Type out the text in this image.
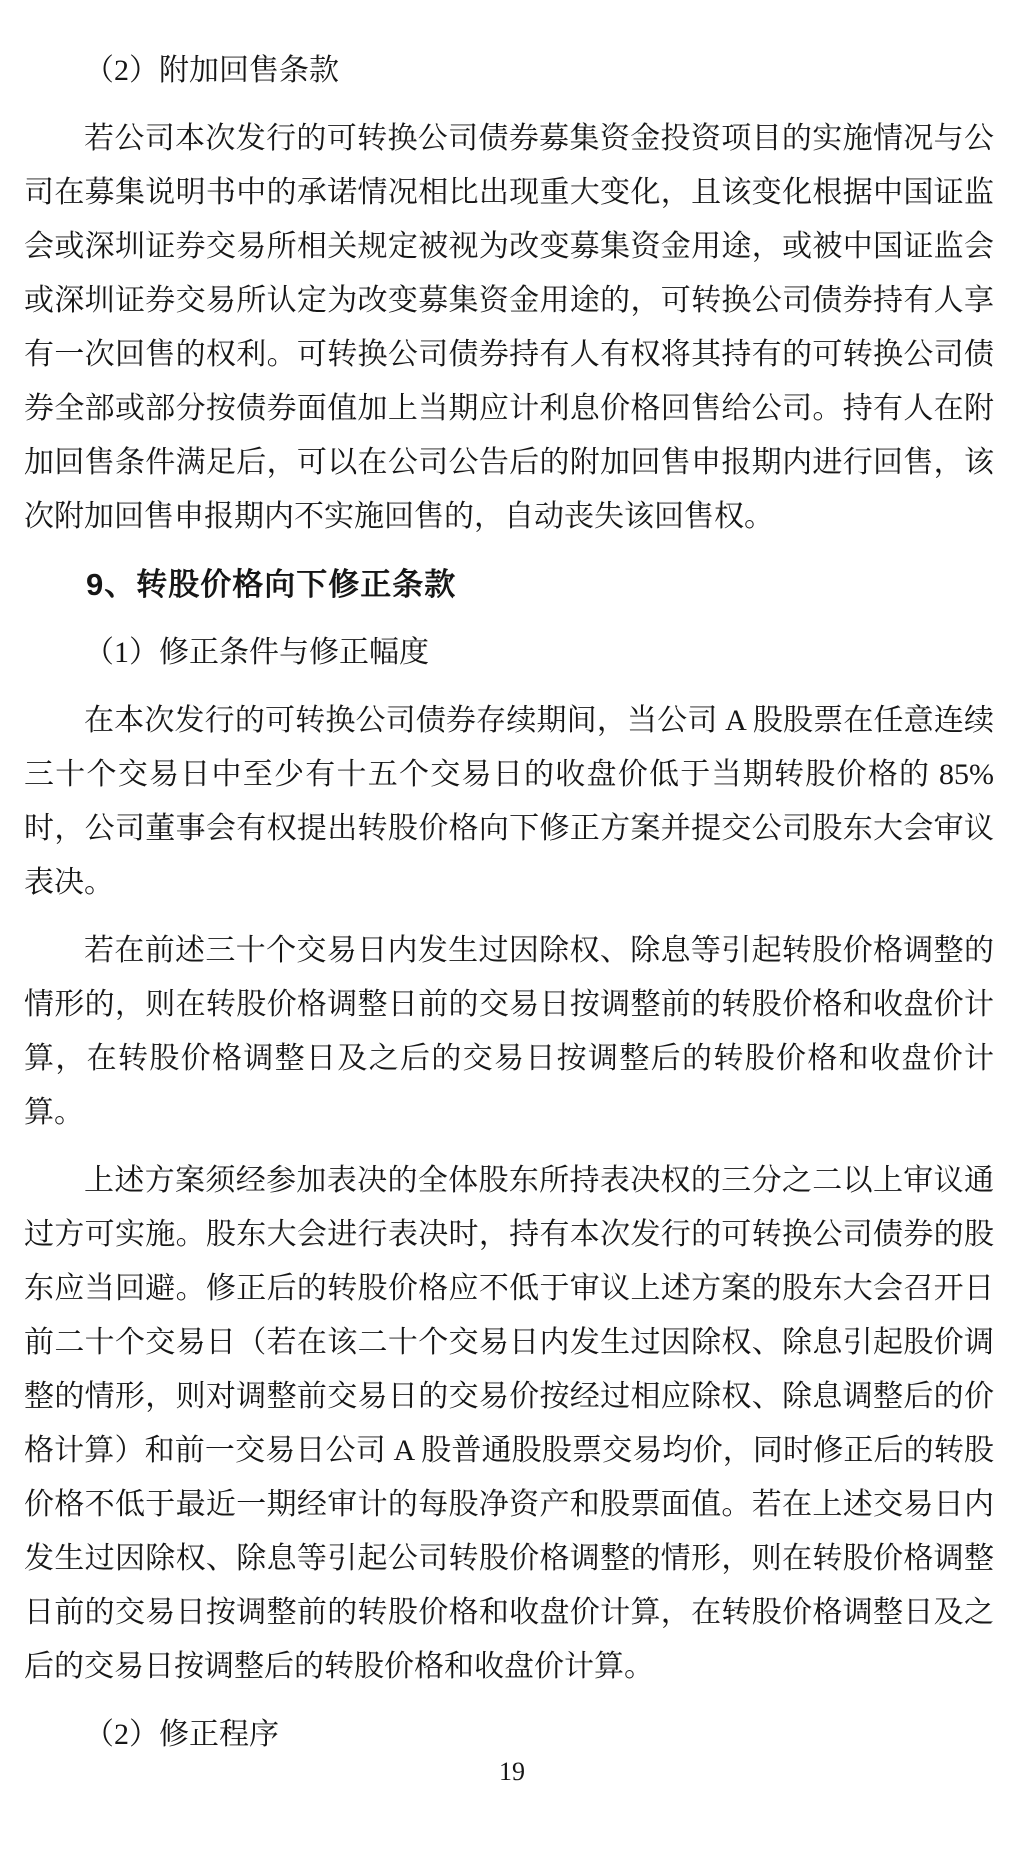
（2）附加回售条款

若公司本次发行的可转换公司债券募集资金投资项目的实施情况与公司在募集说明书中的承诺情况相比出现重大变化，且该变化根据中国证监会或深圳证券交易所相关规定被视为改变募集资金用途，或被中国证监会或深圳证券交易所认定为改变募集资金用途的，可转换公司债券持有人享有一次回售的权利。可转换公司债券持有人有权将其持有的可转换公司债券全部或部分按债券面值加上当期应计利息价格回售给公司。持有人在附加回售条件满足后，可以在公司公告后的附加回售申报期内进行回售，该次附加回售申报期内不实施回售的，自动丧失该回售权。

9、转股价格向下修正条款
（1）修正条件与修正幅度

在本次发行的可转换公司债券存续期间，当公司 A 股股票在任意连续三十个交易日中至少有十五个交易日的收盘价低于当期转股价格的 85%时，公司董事会有权提出转股价格向下修正方案并提交公司股东大会审议表决。

若在前述三十个交易日内发生过因除权、除息等引起转股价格调整的情形的，则在转股价格调整日前的交易日按调整前的转股价格和收盘价计算，在转股价格调整日及之后的交易日按调整后的转股价格和收盘价计算。

上述方案须经参加表决的全体股东所持表决权的三分之二以上审议通过方可实施。股东大会进行表决时，持有本次发行的可转换公司债券的股东应当回避。修正后的转股价格应不低于审议上述方案的股东大会召开日前二十个交易日（若在该二十个交易日内发生过因除权、除息引起股价调整的情形，则对调整前交易日的交易价按经过相应除权、除息调整后的价格计算）和前一交易日公司 A 股普通股股票交易均价，同时修正后的转股价格不低于最近一期经审计的每股净资产和股票面值。若在上述交易日内发生过因除权、除息等引起公司转股价格调整的情形，则在转股价格调整日前的交易日按调整前的转股价格和收盘价计算，在转股价格调整日及之后的交易日按调整后的转股价格和收盘价计算。

（2）修正程序
19
